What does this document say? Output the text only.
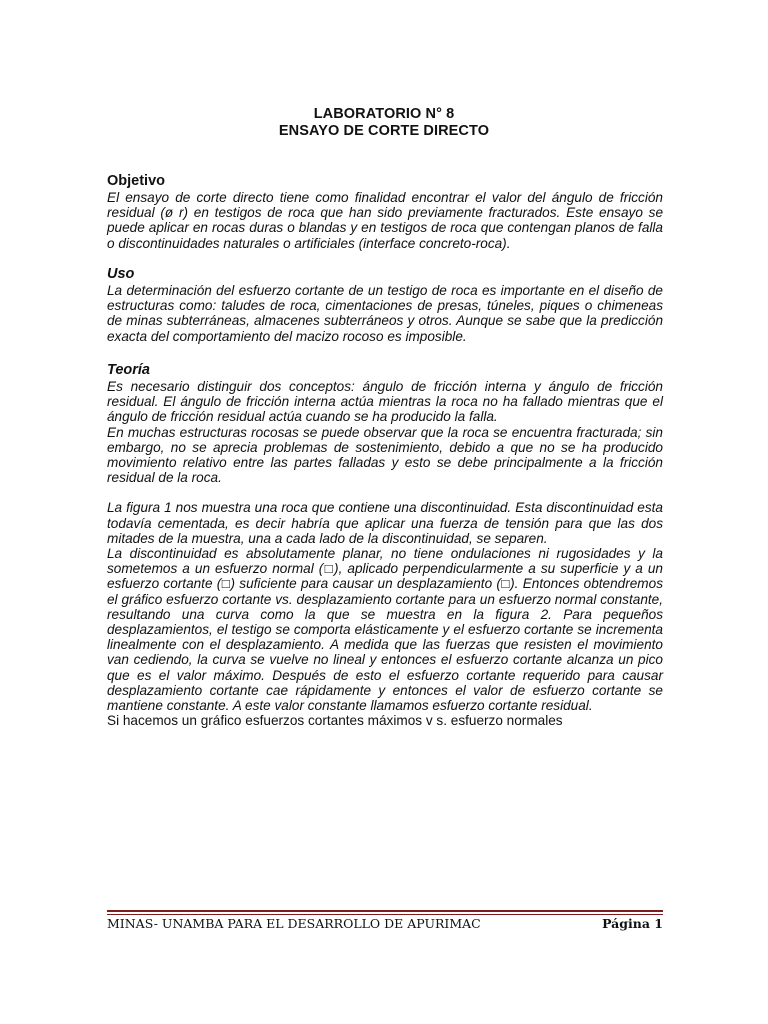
LABORATORIO N° 8
ENSAYO DE CORTE DIRECTO

Objetivo

El ensayo de corte directo tiene como finalidad encontrar el valor del ángulo de fricción residual (ø r) en testigos de roca que han sido previamente fracturados. Este ensayo se puede aplicar en rocas duras o blandas y en testigos de roca que contengan planos de falla o discontinuidades naturales o artificiales (interface concreto-roca).

Uso

La determinación del esfuerzo cortante de un testigo de roca es importante en el diseño de estructuras como: taludes de roca, cimentaciones de presas, túneles, piques o chimeneas de minas subterráneas, almacenes subterráneos y otros. Aunque se sabe que la predicción exacta del comportamiento del macizo rocoso es imposible.

Teoría

Es necesario distinguir dos conceptos: ángulo de fricción interna y ángulo de fricción residual. El ángulo de fricción interna actúa mientras la roca no ha fallado mientras que el ángulo de fricción residual actúa cuando se ha producido la falla.

En muchas estructuras rocosas se puede observar que la roca se encuentra fracturada; sin embargo, no se aprecia problemas de sostenimiento, debido a que no se ha producido movimiento relativo entre las partes falladas y esto se debe principalmente a la fricción residual de la roca.

La figura 1 nos muestra una roca que contiene una discontinuidad. Esta discontinuidad esta todavía cementada, es decir habría que aplicar una fuerza de tensión para que las dos mitades de la muestra, una a cada lado de la discontinuidad, se separen.

La discontinuidad es absolutamente planar, no tiene ondulaciones ni rugosidades y la sometemos a un esfuerzo normal (□), aplicado perpendicularmente a su superficie y a un esfuerzo cortante (□) suficiente para causar un desplazamiento (□). Entonces obtendremos el gráfico esfuerzo cortante vs. desplazamiento cortante para un esfuerzo normal constante, resultando una curva como la que se muestra en la figura 2. Para pequeños desplazamientos, el testigo se comporta elásticamente y el esfuerzo cortante se incrementa linealmente con el desplazamiento. A medida que las fuerzas que resisten el movimiento van cediendo, la curva se vuelve no lineal y entonces el esfuerzo cortante alcanza un pico que es el valor máximo. Después de esto el esfuerzo cortante requerido para causar desplazamiento cortante cae rápidamente y entonces el valor de esfuerzo cortante se mantiene constante. A este valor constante llamamos esfuerzo cortante residual.

Si hacemos un gráfico esfuerzos cortantes máximos v s. esfuerzo normales

MINAS- UNAMBA PARA EL DESARROLLO DE APURIMAC	Página 1
